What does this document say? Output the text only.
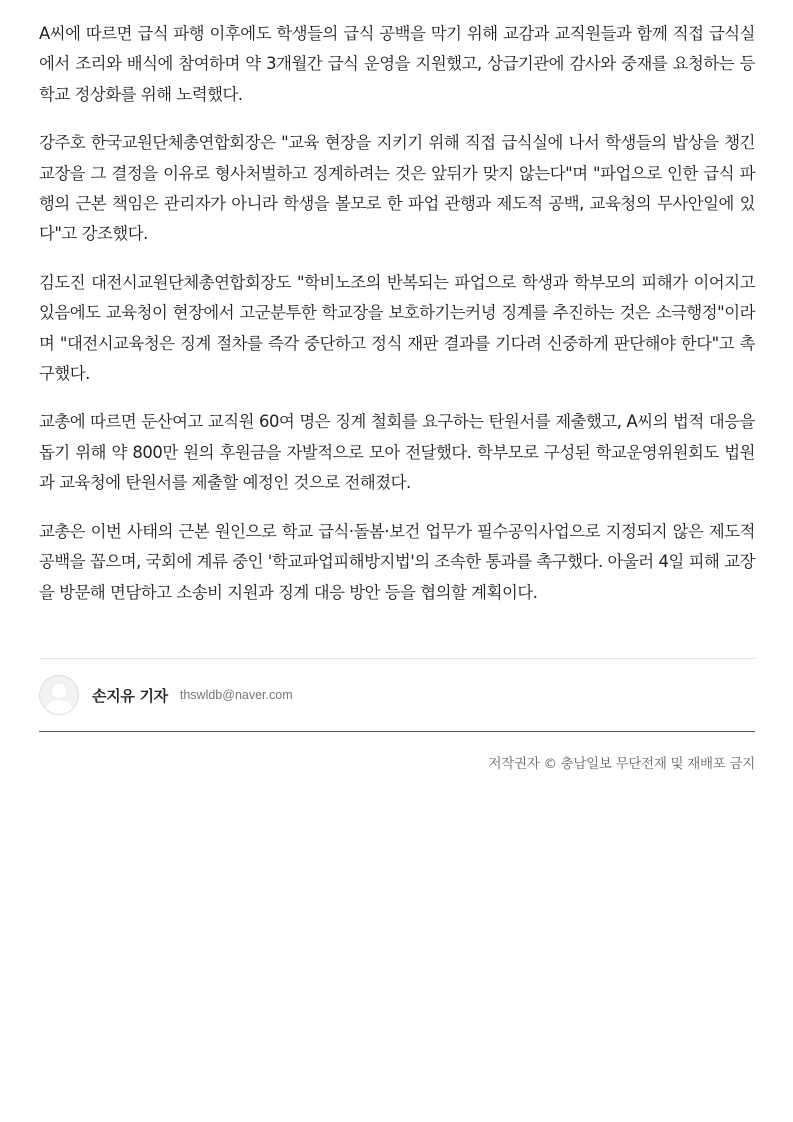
A씨에 따르면 급식 파행 이후에도 학생들의 급식 공백을 막기 위해 교감과 교직원들과 함께 직접 급식실에서 조리와 배식에 참여하며 약 3개월간 급식 운영을 지원했고, 상급기관에 감사와 중재를 요청하는 등 학교 정상화를 위해 노력했다.

강주호 한국교원단체총연합회장은 "교육 현장을 지키기 위해 직접 급식실에 나서 학생들의 밥상을 챙긴 교장을 그 결정을 이유로 형사처벌하고 징계하려는 것은 앞뒤가 맞지 않는다"며 "파업으로 인한 급식 파행의 근본 책임은 관리자가 아니라 학생을 볼모로 한 파업 관행과 제도적 공백, 교육청의 무사안일에 있다"고 강조했다.

김도진 대전시교원단체총연합회장도 "학비노조의 반복되는 파업으로 학생과 학부모의 피해가 이어지고 있음에도 교육청이 현장에서 고군분투한 학교장을 보호하기는커녕 징계를 추진하는 것은 소극행정"이라며 "대전시교육청은 징계 절차를 즉각 중단하고 정식 재판 결과를 기다려 신중하게 판단해야 한다"고 촉구했다.

교총에 따르면 둔산여고 교직원 60여 명은 징계 철회를 요구하는 탄원서를 제출했고, A씨의 법적 대응을 돕기 위해 약 800만 원의 후원금을 자발적으로 모아 전달했다. 학부모로 구성된 학교운영위원회도 법원과 교육청에 탄원서를 제출할 예정인 것으로 전해졌다.

교총은 이번 사태의 근본 원인으로 학교 급식·돌봄·보건 업무가 필수공익사업으로 지정되지 않은 제도적 공백을 꼽으며, 국회에 계류 중인 '학교파업피해방지법'의 조속한 통과를 촉구했다. 아울러 4일 피해 교장을 방문해 면담하고 소송비 지원과 징계 대응 방안 등을 협의할 계획이다.

손지유 기자 thswldb@naver.com
저작권자 © 충남일보 무단전재 및 재배포 금지
